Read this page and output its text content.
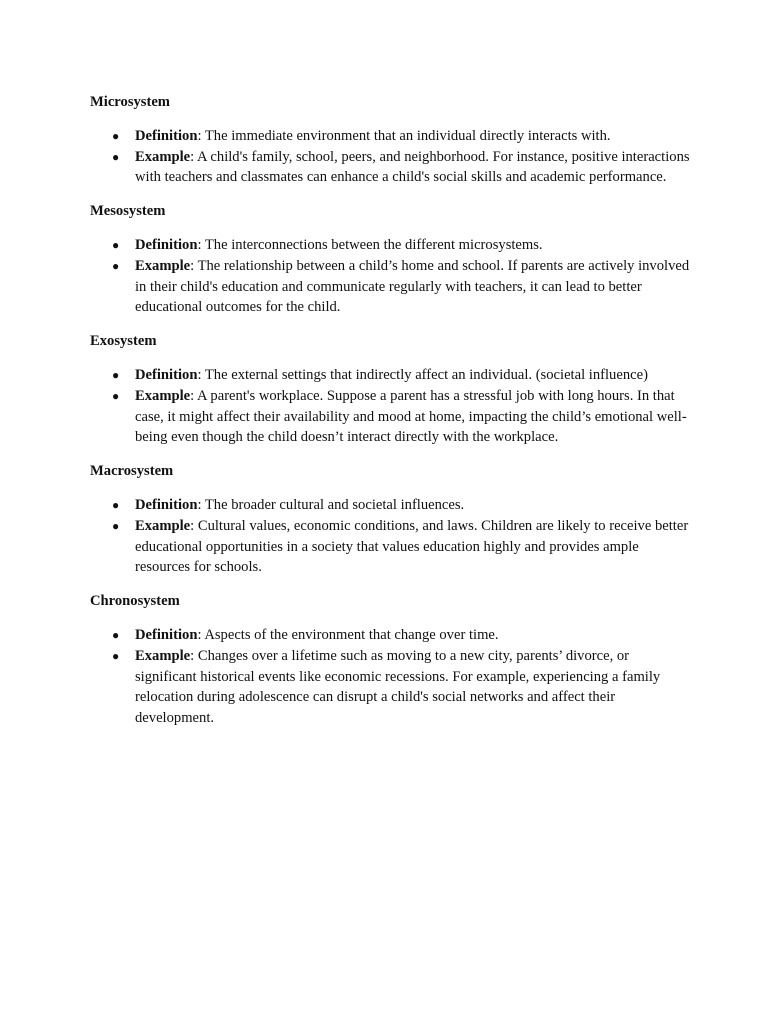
Microsystem
● Definition: The immediate environment that an individual directly interacts with.
● Example: A child's family, school, peers, and neighborhood. For instance, positive interactions with teachers and classmates can enhance a child's social skills and academic performance.
Mesosystem
● Definition: The interconnections between the different microsystems.
● Example: The relationship between a child’s home and school. If parents are actively involved in their child's education and communicate regularly with teachers, it can lead to better educational outcomes for the child.
Exosystem
● Definition: The external settings that indirectly affect an individual. (societal influence)
● Example: A parent's workplace. Suppose a parent has a stressful job with long hours. In that case, it might affect their availability and mood at home, impacting the child’s emotional well-being even though the child doesn’t interact directly with the workplace.
Macrosystem
● Definition: The broader cultural and societal influences.
● Example: Cultural values, economic conditions, and laws. Children are likely to receive better educational opportunities in a society that values education highly and provides ample resources for schools.
Chronosystem
● Definition: Aspects of the environment that change over time.
● Example: Changes over a lifetime such as moving to a new city, parents’ divorce, or significant historical events like economic recessions. For example, experiencing a family relocation during adolescence can disrupt a child's social networks and affect their development.
